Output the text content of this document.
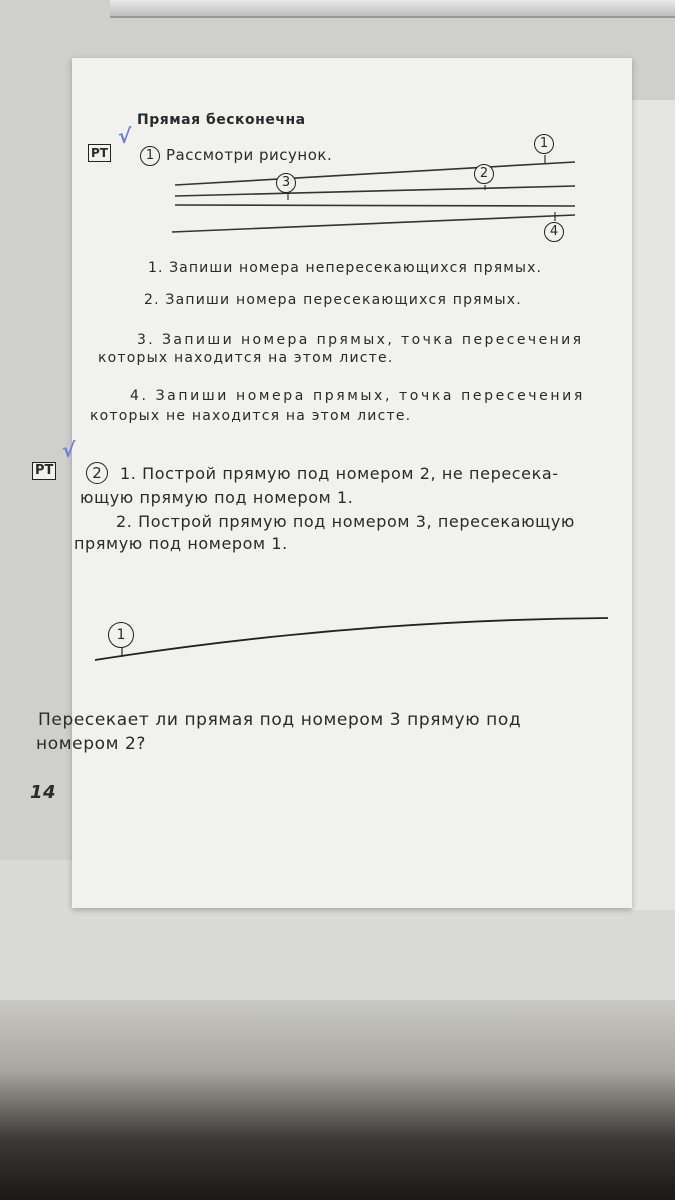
Прямая бесконечна
РТ
√
1 Рассмотри рисунок.
1
2
3
4
1. Запиши номера непересекающихся прямых.
2. Запиши номера пересекающихся прямых.
3. Запиши номера прямых, точка пересечения
которых находится на этом листе.
4. Запиши номера прямых, точка пересечения
которых не находится на этом листе.
РТ
√
2	1. Построй прямую под номером 2, не пересека-
ющую прямую под номером 1.
2. Построй прямую под номером 3, пересекающую
прямую под номером 1.
1
Пересекает ли прямая под номером 3 прямую под
номером 2?
14
